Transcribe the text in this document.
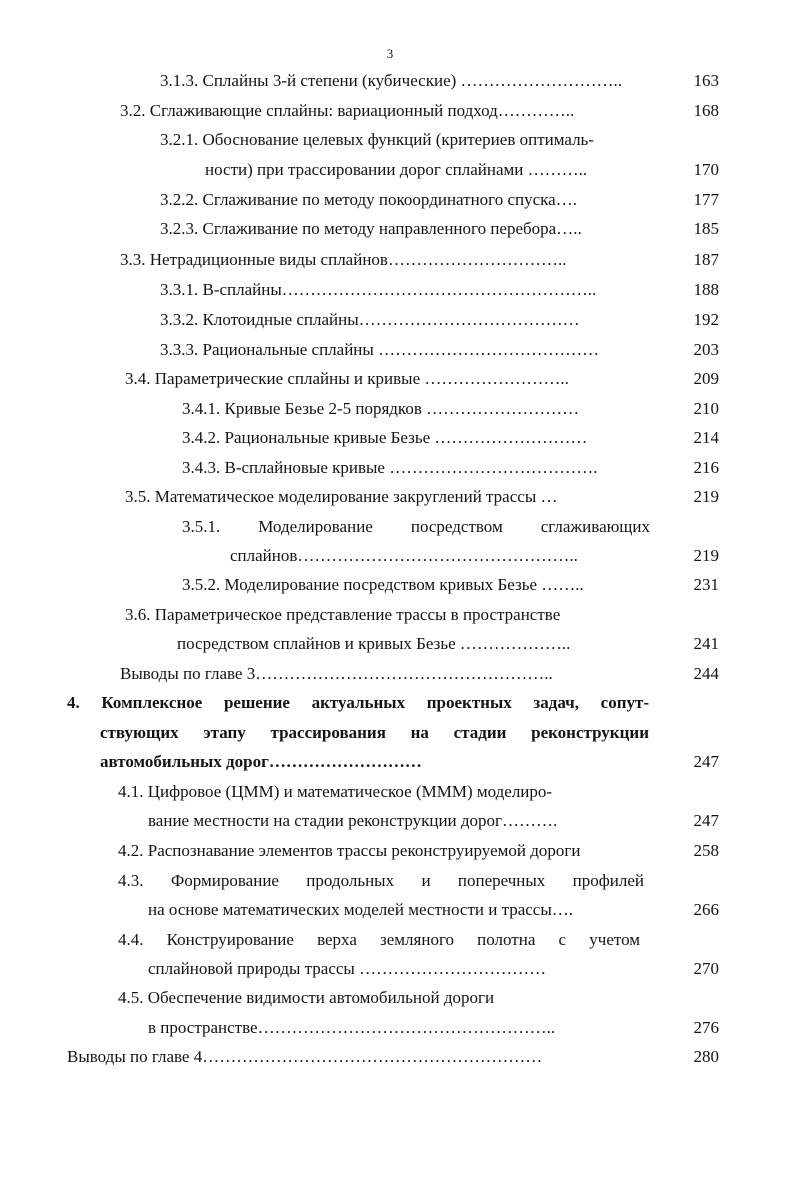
3
3.1.3. Сплайны 3-й степени (кубические) ………………………..	163
3.2. Сглаживающие сплайны: вариационный подход…………..	168
3.2.1. Обоснование целевых функций (критериев оптималь-
ности) при трассировании дорог сплайнами ………..	170
3.2.2. Сглаживание по методу покоординатного спуска….	177
3.2.3. Сглаживание по методу направленного перебора…..	185
3.3. Нетрадиционные виды сплайнов…………………………..	187
3.3.1. B-сплайны………………………………………………..	188
3.3.2. Клотоидные сплайны…………………………………	192
3.3.3. Рациональные сплайны …………………………………	203
3.4. Параметрические сплайны и кривые ……………………..	209
3.4.1. Кривые Безье 2-5 порядков ………………………	210
3.4.2. Рациональные кривые Безье ………………………	214
3.4.3. B-сплайновые кривые ……………………………….	216
3.5. Математическое моделирование закруглений трассы …	219
3.5.1. Моделирование посредством сглаживающих
сплайнов…………………………………………..	219
3.5.2. Моделирование посредством кривых Безье ……..	231
3.6. Параметрическое представление трассы в пространстве
посредством сплайнов и кривых Безье ………………..	241
Выводы по главе 3……………………………………………..	244
4. Комплексное решение актуальных проектных задач, сопут-
ствующих этапу трассирования на стадии реконструкции
автомобильных дорог………………………	247
4.1. Цифровое (ЦММ) и математическое (МММ) моделиро-
вание местности на стадии реконструкции дорог……….	247
4.2. Распознавание элементов трассы реконструируемой дороги	258
4.3. Формирование продольных и поперечных профилей
на основе математических моделей местности и трассы….	266
4.4. Конструирование верха земляного полотна с учетом
сплайновой природы трассы ……………………………	270
4.5. Обеспечение видимости автомобильной дороги
в пространстве……………………………………………..	276
Выводы по главе 4……………………………………………………	280
